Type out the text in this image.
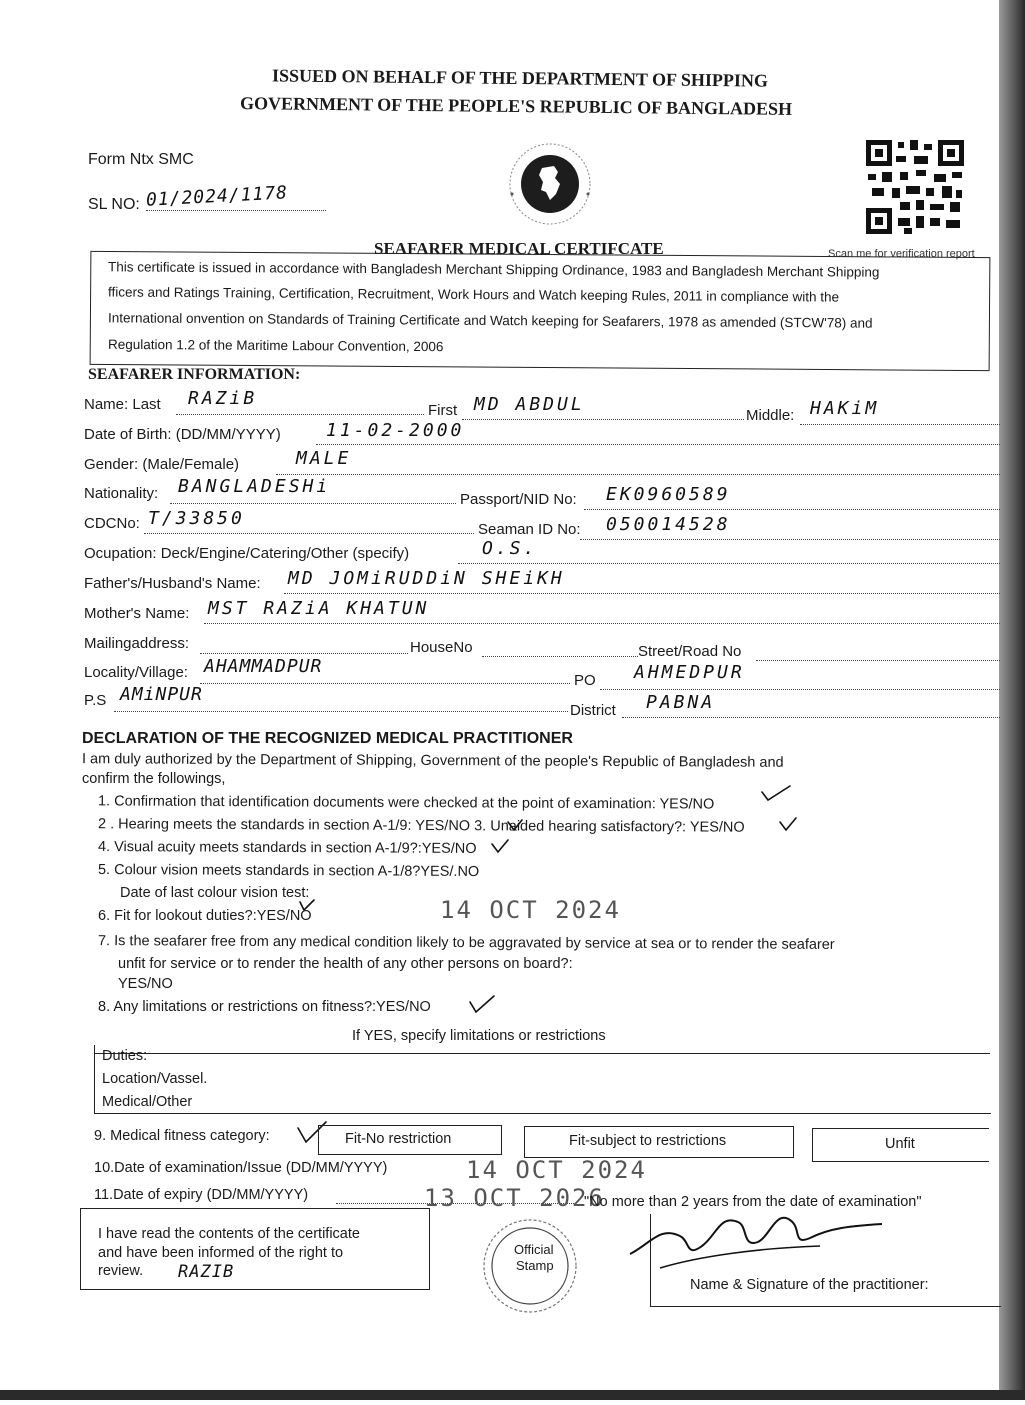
ISSUED ON BEHALF OF THE DEPARTMENT OF SHIPPING
GOVERNMENT OF THE PEOPLE'S REPUBLIC OF BANGLADESH
Form Ntx SMC
SL NO: 01/2024/1178
Scan me for verification report
SEAFARER MEDICAL CERTIFCATE
This certificate is issued in accordance with Bangladesh Merchant Shipping Ordinance, 1983 and Bangladesh Merchant Shipping
fficers and Ratings Training, Certification, Recruitment, Work Hours and Watch keeping Rules, 2011 in compliance with the
International onvention on Standards of Training Certificate and Watch keeping for Seafarers, 1978 as amended (STCW'78) and
Regulation 1.2 of the Maritime Labour Convention, 2006
SEAFARER INFORMATION:
Name: Last RAZiB
First MD ABDUL
Middle: HAKiM
Date of Birth: (DD/MM/YYYY)	11-02-2000
Gender: (Male/Female)	MALE
Nationality: BANGLADESHi
Passport/NID No: EK0960589
CDCNo: T/33850
Seaman ID No: 050014528
Ocupation: Deck/Engine/Catering/Other (specify)	O.S.
Father's/Husband's Name: MD JOMiRUDDiN SHEiKH
Mother's Name: MST RAZiA KHATUN
Mailingaddress:	HouseNo	Street/Road No
Locality/Village: AHAMMADPUR
PO AHMEDPUR
P.S AMiNPUR
District PABNA
DECLARATION OF THE RECOGNIZED MEDICAL PRACTITIONER
I am duly authorized by the Department of Shipping, Government of the people's Republic of Bangladesh and
confirm the followings,
1. Confirmation that identification documents were checked at the point of examination: YES/NO
2 . Hearing meets the standards in section A-1/9: YES/NO 3. Unaided hearing satisfactory?: YES/NO
4. Visual acuity meets standards in section A-1/9?:YES/NO
5. Colour vision meets standards in section A-1/8?YES/.NO
Date of last colour vision test:
6. Fit for lookout duties?:YES/NO	14 OCT 2024
7. Is the seafarer free from any medical condition likely to be aggravated by service at sea or to render the seafarer
unfit for service or to render the health of any other persons on board?:
YES/NO
8. Any limitations or restrictions on fitness?:YES/NO
If YES, specify limitations or restrictions
Duties:
Location/Vassel.
Medical/Other
9. Medical fitness category:	Fit-No restriction	Fit-subject to restrictions	Unfit
10.Date of examination/Issue (DD/MM/YYYY)	14 OCT 2024
11.Date of expiry (DD/MM/YYYY)	13 OCT 2026
"No more than 2 years from the date of examination"
I have read the contents of the certificate
and have been informed of the right to
review. RAZIB
Official
Stamp
Name & Signature of the practitioner:
